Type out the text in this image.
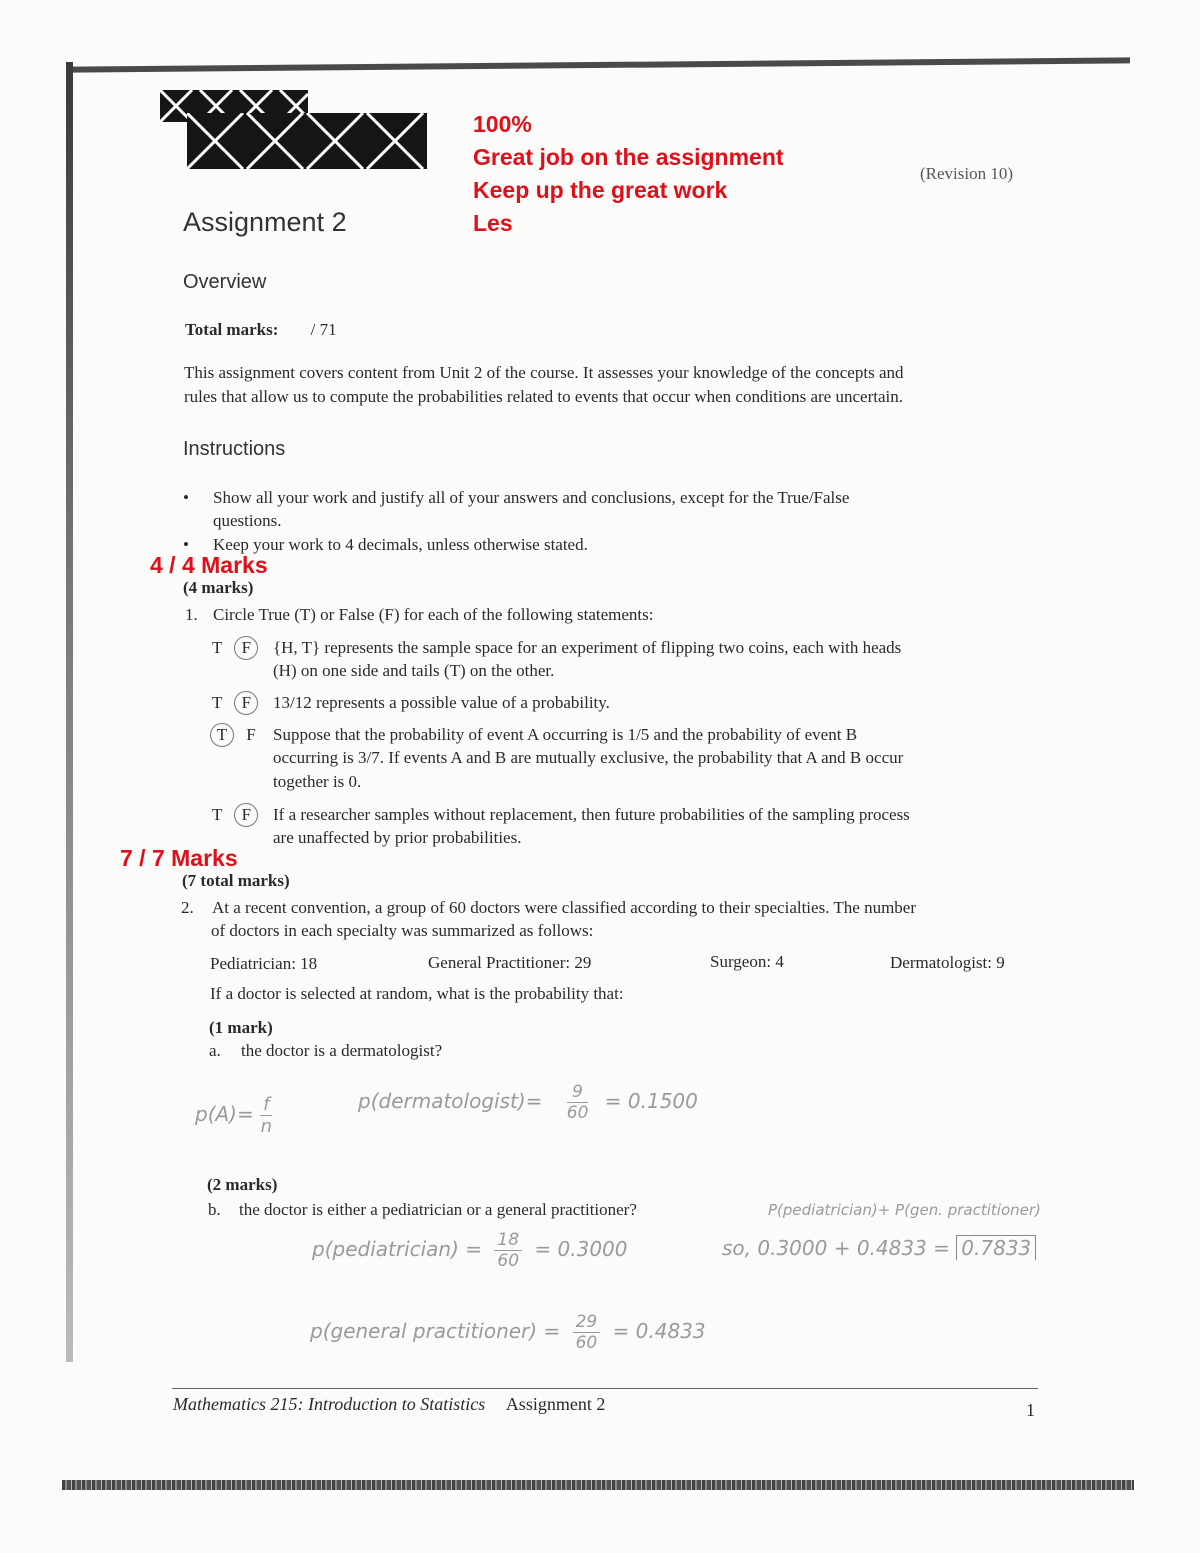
100%
Great job on the assignment
Keep up the great work
Les
(Revision 10)
Assignment 2
Overview
Total marks: / 71
This assignment covers content from Unit 2 of the course. It assesses your knowledge of the concepts and
rules that allow us to compute the probabilities related to events that occur when conditions are uncertain.
Instructions
• Show all your work and justify all of your answers and conclusions, except for the True/False
questions.
• Keep your work to 4 decimals, unless otherwise stated.
4 / 4 Marks
(4 marks)
1. Circle True (T) or False (F) for each of the following statements:
T F	{H, T} represents the sample space for an experiment of flipping two coins, each with heads
(H) on one side and tails (T) on the other.
T F	13/12 represents a possible value of a probability.
T F Suppose that the probability of event A occurring is 1/5 and the probability of event B
occurring is 3/7. If events A and B are mutually exclusive, the probability that A and B occur
together is 0.
T F	If a researcher samples without replacement, then future probabilities of the sampling process
are unaffected by prior probabilities.
7 / 7 Marks
(7 total marks)
2. At a recent convention, a group of 60 doctors were classified according to their specialties. The number
of doctors in each specialty was summarized as follows:
Pediatrician: 18	General Practitioner: 29	Surgeon: 4	Dermatologist: 9
If a doctor is selected at random, what is the probability that:
(1 mark)
a. the doctor is a dermatologist?
$p(A)= \frac{f}{n}$	p(dermatologist)= $\frac{9}{60} = 0.1500$
(2 marks)
b. the doctor is either a pediatrician or a general practitioner?	P(pediatrician)+ P(gen. practitioner)
p(pediatrician) = $\frac{18}{60} = 0.3000$	so, 0.3000 + 0.4833 = 0.7833
p(general practitioner) = $\frac{29}{60} = 0.4833$
Mathematics 215: Introduction to Statistics Assignment 2	1
